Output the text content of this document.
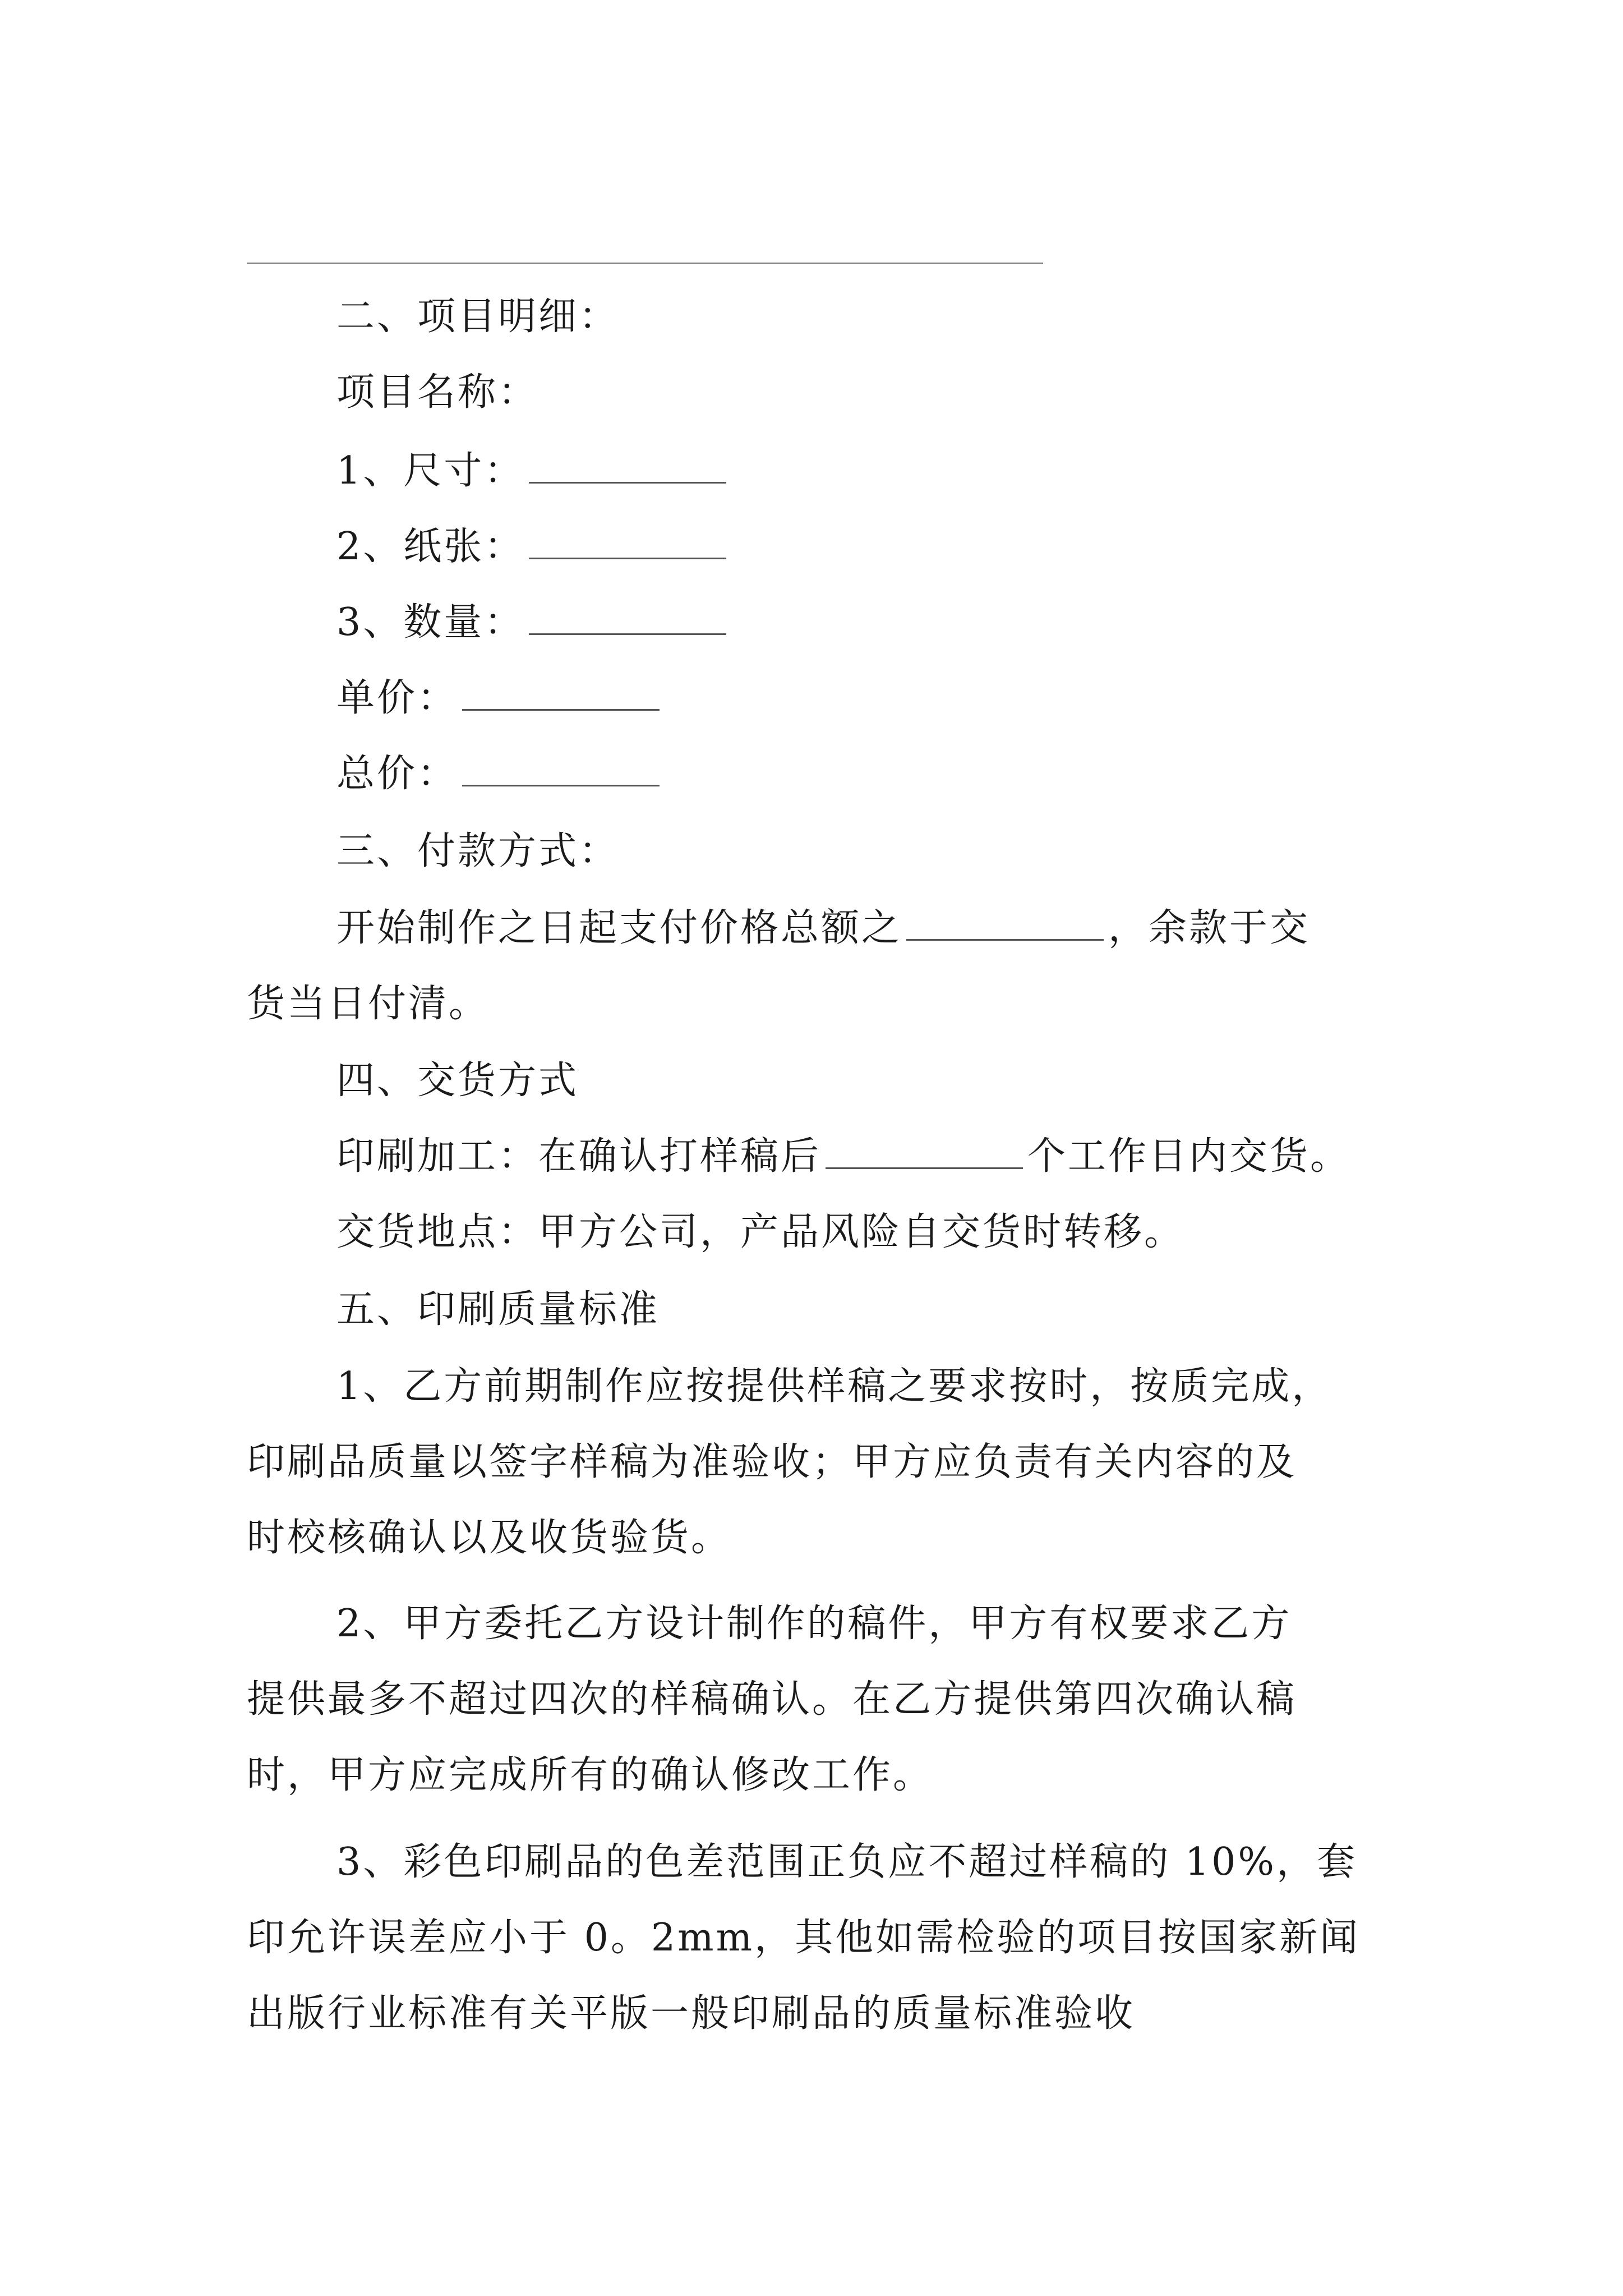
二、项目明细：
项目名称：
1、尺寸：
2、纸张：
3、数量：
单价：
总价：
三、付款方式：
开始制作之日起支付价格总额之	，余款于交
货当日付清。
四、交货方式
印刷加工：在确认打样稿后	个工作日内交货。
交货地点：甲方公司，产品风险自交货时转移。
五、印刷质量标准
1、乙方前期制作应按提供样稿之要求按时，按质完成，
印刷品质量以签字样稿为准验收；甲方应负责有关内容的及
时校核确认以及收货验货。
2、甲方委托乙方设计制作的稿件，甲方有权要求乙方
提供最多不超过四次的样稿确认。在乙方提供第四次确认稿
时，甲方应完成所有的确认修改工作。
3、彩色印刷品的色差范围正负应不超过样稿的 10%，套
印允许误差应小于 0。2mm，其他如需检验的项目按国家新闻
出版行业标准有关平版一般印刷品的质量标准验收
